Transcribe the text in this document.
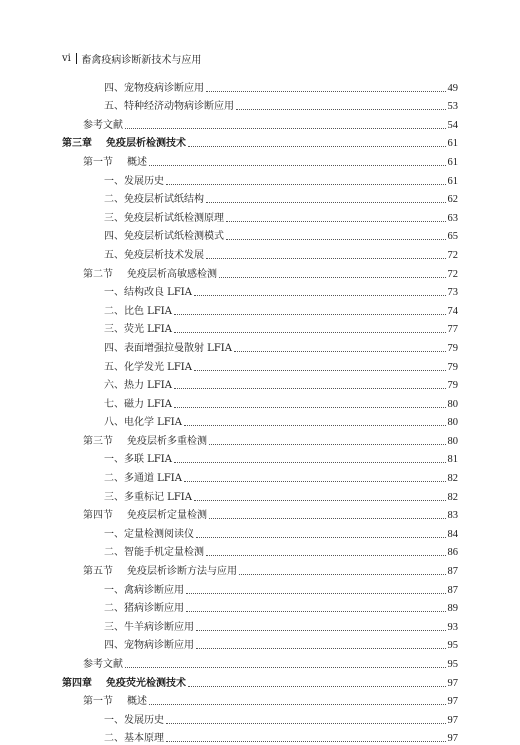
vi 畜禽疫病诊断新技术与应用
四、宠物疫病诊断应用	49
五、特种经济动物病诊断应用	53
参考文献	54
第三章 免疫层析检测技术	61
第一节 概述	61
一、发展历史	61
二、免疫层析试纸结构	62
三、免疫层析试纸检测原理	63
四、免疫层析试纸检测模式	65
五、免疫层析技术发展	72
第二节 免疫层析高敏感检测	72
一、结构改良 LFIA	73
二、比色 LFIA	74
三、荧光 LFIA	77
四、表面增强拉曼散射 LFIA	79
五、化学发光 LFIA	79
六、热力 LFIA	79
七、磁力 LFIA	80
八、电化学 LFIA	80
第三节 免疫层析多重检测	80
一、多联 LFIA	81
二、多通道 LFIA	82
三、多重标记 LFIA	82
第四节 免疫层析定量检测	83
一、定量检测阅读仪	84
二、智能手机定量检测	86
第五节 免疫层析诊断方法与应用	87
一、禽病诊断应用	87
二、猪病诊断应用	89
三、牛羊病诊断应用	93
四、宠物病诊断应用	95
参考文献	95
第四章 免疫荧光检测技术	97
第一节 概述	97
一、发展历史	97
二、基本原理	97
